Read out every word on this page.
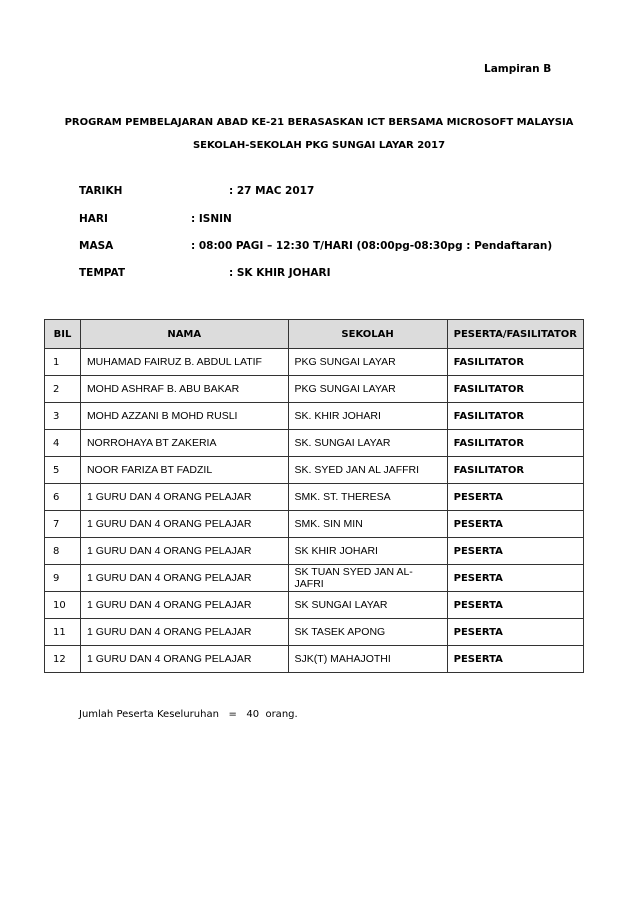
Lampiran B
PROGRAM PEMBELAJARAN ABAD KE-21 BERASASKAN ICT BERSAMA MICROSOFT MALAYSIA
SEKOLAH-SEKOLAH PKG SUNGAI LAYAR 2017
TARIKH	: 27 MAC 2017
HARI	: ISNIN
MASA	: 08:00 PAGI – 12:30 T/HARI (08:00pg-08:30pg : Pendaftaran)
TEMPAT	: SK KHIR JOHARI
BIL	NAMA	SEKOLAH	PESERTA/FASILITATOR
1	MUHAMAD FAIRUZ B. ABDUL LATIF	PKG SUNGAI LAYAR	FASILITATOR
2	MOHD ASHRAF B. ABU BAKAR	PKG SUNGAI LAYAR	FASILITATOR
3	MOHD AZZANI B MOHD RUSLI	SK. KHIR JOHARI	FASILITATOR
4	NORROHAYA BT ZAKERIA	SK. SUNGAI LAYAR	FASILITATOR
5	NOOR FARIZA BT FADZIL	SK. SYED JAN AL JAFFRI	FASILITATOR
6	1 GURU DAN 4 ORANG PELAJAR	SMK. ST. THERESA	PESERTA
7	1 GURU DAN 4 ORANG PELAJAR	SMK. SIN MIN	PESERTA
8	1 GURU DAN 4 ORANG PELAJAR	SK KHIR JOHARI	PESERTA
9	1 GURU DAN 4 ORANG PELAJAR	SK TUAN SYED JAN AL-JAFRI	PESERTA
10	1 GURU DAN 4 ORANG PELAJAR	SK SUNGAI LAYAR	PESERTA
11	1 GURU DAN 4 ORANG PELAJAR	SK TASEK APONG	PESERTA
12	1 GURU DAN 4 ORANG PELAJAR	SJK(T) MAHAJOTHI	PESERTA
Jumlah Peserta Keseluruhan   =   40  orang.
